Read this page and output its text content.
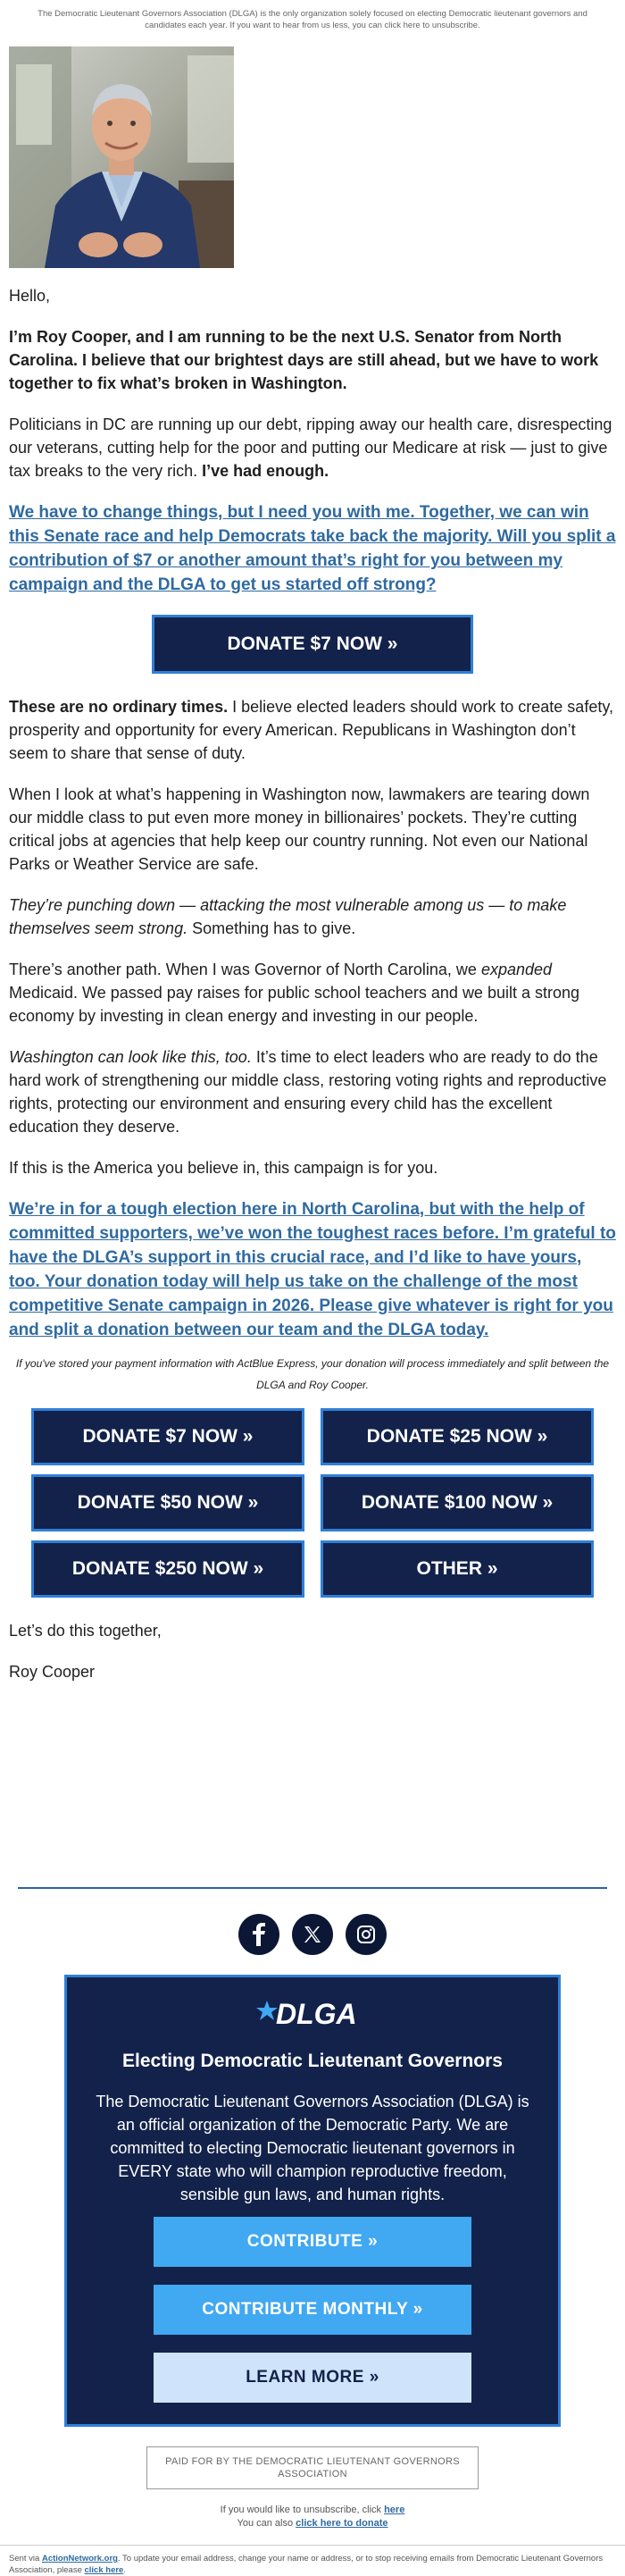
The Democratic Lieutenant Governors Association (DLGA) is the only organization solely focused on electing Democratic lieutenant governors and candidates each year. If you want to hear from us less, you can click here to unsubscribe.

Hello,

I’m Roy Cooper, and I am running to be the next U.S. Senator from North Carolina. I believe that our brightest days are still ahead, but we have to work together to fix what’s broken in Washington.

Politicians in DC are running up our debt, ripping away our health care, disrespecting our veterans, cutting help for the poor and putting our Medicare at risk — just to give tax breaks to the very rich. I’ve had enough.

We have to change things, but I need you with me. Together, we can win this Senate race and help Democrats take back the majority. Will you split a contribution of $7 or another amount that’s right for you between my campaign and the DLGA to get us started off strong?

DONATE $7 NOW »

These are no ordinary times. I believe elected leaders should work to create safety, prosperity and opportunity for every American. Republicans in Washington don’t seem to share that sense of duty.

When I look at what’s happening in Washington now, lawmakers are tearing down our middle class to put even more money in billionaires’ pockets. They’re cutting critical jobs at agencies that help keep our country running. Not even our National Parks or Weather Service are safe.

They’re punching down — attacking the most vulnerable among us — to make themselves seem strong. Something has to give.

There’s another path. When I was Governor of North Carolina, we expanded Medicaid. We passed pay raises for public school teachers and we built a strong economy by investing in clean energy and investing in our people.

Washington can look like this, too. It’s time to elect leaders who are ready to do the hard work of strengthening our middle class, restoring voting rights and reproductive rights, protecting our environment and ensuring every child has the excellent education they deserve.

If this is the America you believe in, this campaign is for you.

We’re in for a tough election here in North Carolina, but with the help of committed supporters, we’ve won the toughest races before. I’m grateful to have the DLGA’s support in this crucial race, and I’d like to have yours, too. Your donation today will help us take on the challenge of the most competitive Senate campaign in 2026. Please give whatever is right for you and split a donation between our team and the DLGA today.

If you've stored your payment information with ActBlue Express, your donation will process immediately and split between the DLGA and Roy Cooper.

DONATE $7 NOW »	DONATE $25 NOW »
DONATE $50 NOW »	DONATE $100 NOW »
DONATE $250 NOW »	OTHER »

Let’s do this together,

Roy Cooper

DLGA
Electing Democratic Lieutenant Governors
The Democratic Lieutenant Governors Association (DLGA) is an official organization of the Democratic Party. We are committed to electing Democratic lieutenant governors in EVERY state who will champion reproductive freedom, sensible gun laws, and human rights.
CONTRIBUTE »
CONTRIBUTE MONTHLY »
LEARN MORE »
PAID FOR BY THE DEMOCRATIC LIEUTENANT GOVERNORS ASSOCIATION
If you would like to unsubscribe, click here
You can also click here to donate
Sent via ActionNetwork.org. To update your email address, change your name or address, or to stop receiving emails from Democratic Lieutenant Governors Association, please click here.
